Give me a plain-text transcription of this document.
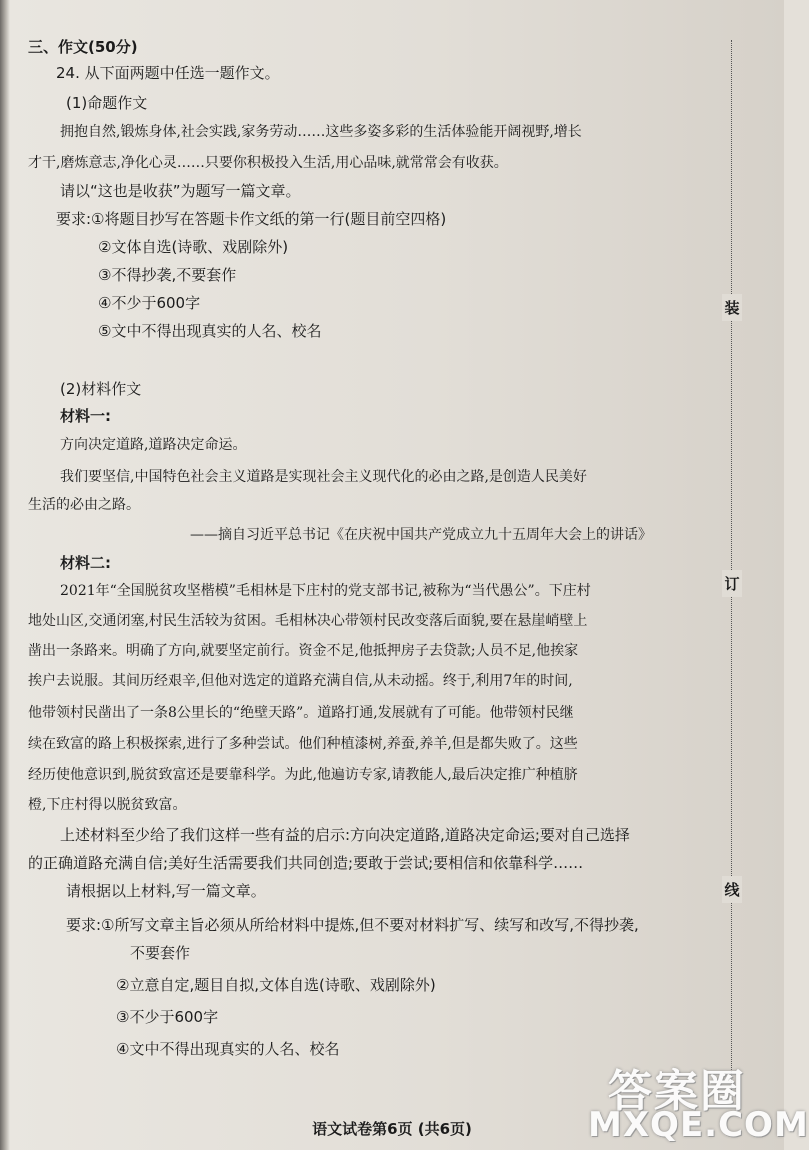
三、作文(50分)
24. 从下面两题中任选一题作文。
(1)命题作文
拥抱自然,锻炼身体,社会实践,家务劳动……这些多姿多彩的生活体验能开阔视野,增长
才干,磨炼意志,净化心灵……只要你积极投入生活,用心品味,就常常会有收获。
请以“这也是收获”为题写一篇文章。
要求:①将题目抄写在答题卡作文纸的第一行(题目前空四格)
②文体自选(诗歌、戏剧除外)
③不得抄袭,不要套作
④不少于600字
⑤文中不得出现真实的人名、校名
(2)材料作文
材料一:
方向决定道路,道路决定命运。
我们要坚信,中国特色社会主义道路是实现社会主义现代化的必由之路,是创造人民美好
生活的必由之路。
——摘自习近平总书记《在庆祝中国共产党成立九十五周年大会上的讲话》
材料二:
2021年“全国脱贫攻坚楷模”毛相林是下庄村的党支部书记,被称为“当代愚公”。下庄村
地处山区,交通闭塞,村民生活较为贫困。毛相林决心带领村民改变落后面貌,要在悬崖峭壁上
凿出一条路来。明确了方向,就要坚定前行。资金不足,他抵押房子去贷款;人员不足,他挨家
挨户去说服。其间历经艰辛,但他对选定的道路充满自信,从未动摇。终于,利用7年的时间,
他带领村民凿出了一条8公里长的“绝壁天路”。道路打通,发展就有了可能。他带领村民继
续在致富的路上积极探索,进行了多种尝试。他们种植漆树,养蚕,养羊,但是都失败了。这些
经历使他意识到,脱贫致富还是要靠科学。为此,他遍访专家,请教能人,最后决定推广种植脐
橙,下庄村得以脱贫致富。
上述材料至少给了我们这样一些有益的启示:方向决定道路,道路决定命运;要对自己选择
的正确道路充满自信;美好生活需要我们共同创造;要敢于尝试;要相信和依靠科学……
请根据以上材料,写一篇文章。
要求:①所写文章主旨必须从所给材料中提炼,但不要对材料扩写、续写和改写,不得抄袭,
不要套作
②立意自定,题目自拟,文体自选(诗歌、戏剧除外)
③不少于600字
④文中不得出现真实的人名、校名
装
订
线
语文试卷第6页 (共6页)
答案圈
MXQE.COM
